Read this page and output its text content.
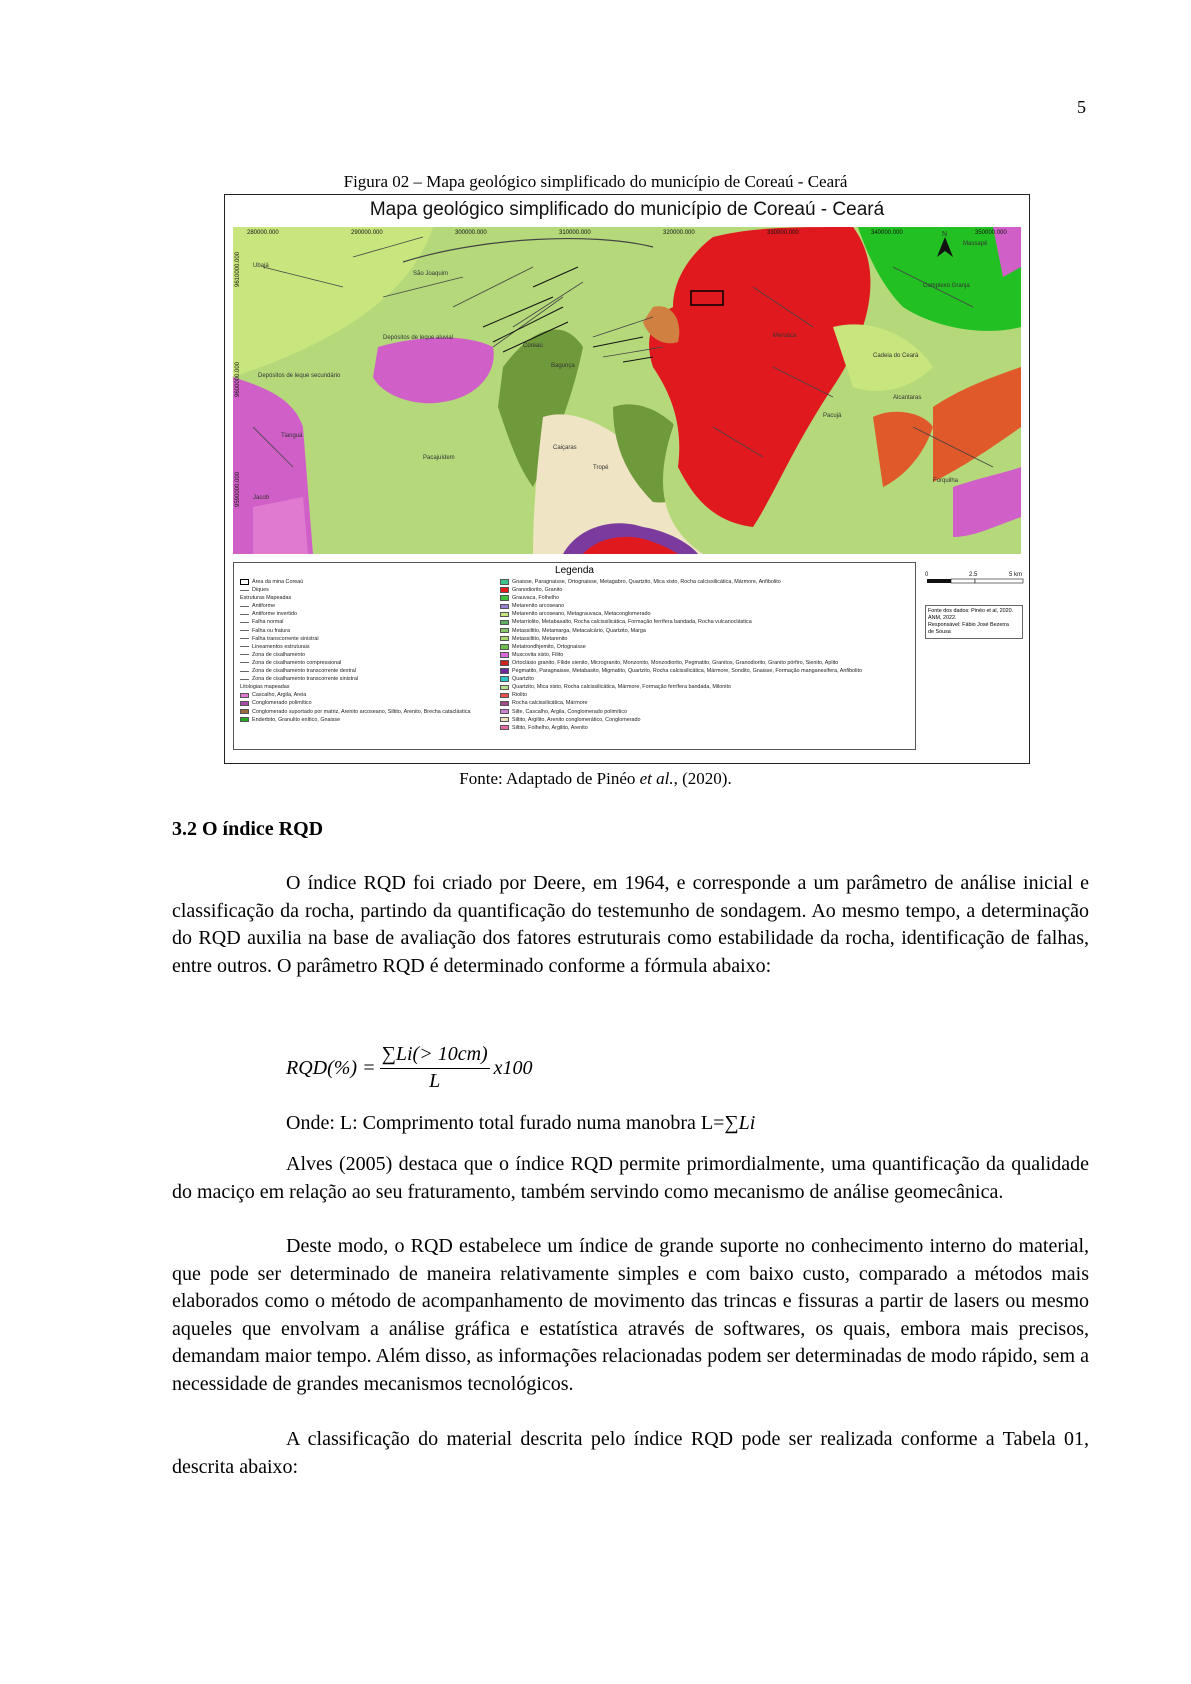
5
Figura 02 – Mapa geológico simplificado do município de Coreaú - Ceará
Mapa geológico simplificado do município de Coreaú - Ceará
N
280000.000	290000.000	300000.000	310000.000	320000.000	330000.000	340000.000	350000.000
9610000.000
9600000.000
9590000.000
Ubajá
São Joaquim
Depósitos de leque aluvial
Coreaú
Bagunça
Depósitos de leque secundário
Tianguá
Pacajuídem
Caiçaras
Tropé
Jacob
Meruoca
Massapê
Complexo Granja
Cadeia do Ceará
Pacujá
Alcantaras
Forquilha
Legenda
Área da mina Coreaú
Diques
Estruturas Mapeadas
Antiforme
Antiforme invertido
Falha normal
Falha ou fratura
Falha transcorrente sinistral
Lineamentos estruturais
Zona de cisalhamento
Zona de cisalhamento compressional
Zona de cisalhamento transcorrente dextral
Zona de cisalhamento transcorrente sinistral
Litologias mapeadas
Cascalho, Argila, Areia
Conglomerado polimítico
Conglomerado suportado por matriz, Arenito arcoseano, Siltito, Arenito, Brecha cataclástica
Enderbito, Granulito enítico, Gnaisse
Gnaisse, Paragnaisse, Ortognaisse, Metagabro, Quartzito, Mica xisto, Rocha calcissilicática, Mármore, Anfibolito
Granodiorito, Granito
Grauvaca, Folhelho
Metarenito arcoseano
Metarenito arcoseano, Metagrauvaca, Metaconglomerado
Metarriolito, Metabasalto, Rocha calcissilicática, Formação ferrífera bandada, Rocha vulcanoclástica
Metassiltito, Metamarga, Metacalcário, Quartzito, Marga
Metassiltito, Metarenito
Metatrondhjemito, Ortognaisse
Muscovita xisto, Filito
Ortoclásio granito, Fílide sienito, Microgranito, Monzonito, Monzodiorito, Pegmatito, Granitos, Granodiorito, Granito pórfiro, Sienito, Aplito
Pegmatito, Paragnaisse, Metabasito, Migmatito, Quartzito, Rocha calcissilicática, Mármore, Sondito, Gnaisse, Formação manganesífera, Anfibolito
Quartzito
Quartzito, Mica xisto, Rocha calcissilicática, Mármore, Formação ferrífera bandada, Milonito
Riolito
Rocha calcissilicática, Mármore
Silte, Cascalho, Argila, Conglomerado polimítico
Siltito, Argilito, Arenito conglomerático, Conglomerado
Siltito, Folhelho, Argilito, Arenito
0	2.5	5 km
Fonte dos dados: Pinéo et al, 2020.
ANM, 2022.
Responsável: Fábio José Bezerra
de Sousa
Fonte: Adaptado de Pinéo et al., (2020).
3.2 O índice RQD
O índice RQD foi criado por Deere, em 1964, e corresponde a um parâmetro de análise inicial e classificação da rocha, partindo da quantificação do testemunho de sondagem. Ao mesmo tempo, a determinação do RQD auxilia na base de avaliação dos fatores estruturais como estabilidade da rocha, identificação de falhas, entre outros. O parâmetro RQD é determinado conforme a fórmula abaixo:
$RQD(\%) = \frac{\sum Li(> 10cm)}{L} x100$
Onde: L: Comprimento total furado numa manobra L=∑Li
Alves (2005) destaca que o índice RQD permite primordialmente, uma quantificação da qualidade do maciço em relação ao seu fraturamento, também servindo como mecanismo de análise geomecânica.
Deste modo, o RQD estabelece um índice de grande suporte no conhecimento interno do material, que pode ser determinado de maneira relativamente simples e com baixo custo, comparado a métodos mais elaborados como o método de acompanhamento de movimento das trincas e fissuras a partir de lasers ou mesmo aqueles que envolvam a análise gráfica e estatística através de softwares, os quais, embora mais precisos, demandam maior tempo. Além disso, as informações relacionadas podem ser determinadas de modo rápido, sem a necessidade de grandes mecanismos tecnológicos.
A classificação do material descrita pelo índice RQD pode ser realizada conforme a Tabela 01, descrita abaixo:
